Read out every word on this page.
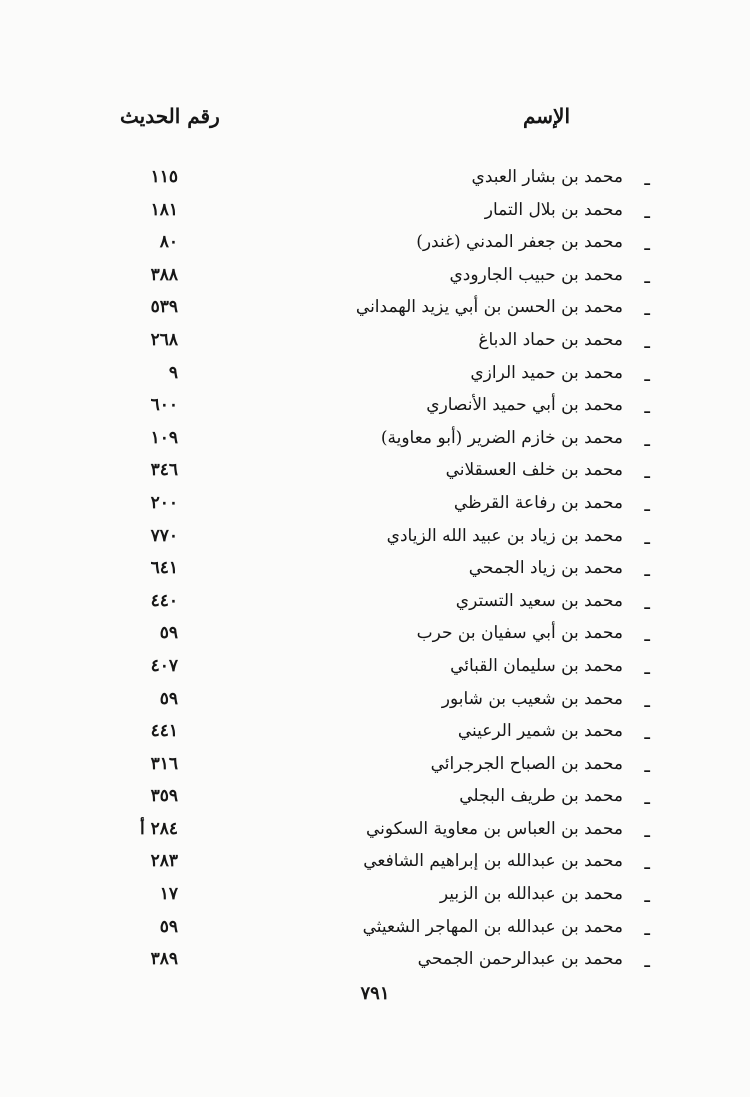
الإسم
رقم الحديث
١١٥	محمد بن بشار العبدي ـ
١٨١	محمد بن بلال التمار ـ
٨٠	محمد بن جعفر المدني (غندر) ـ
٣٨٨	محمد بن حبيب الجارودي ـ
٥٣٩	محمد بن الحسن بن أبي يزيد الهمداني ـ
٢٦٨	محمد بن حماد الدباغ ـ
٩	محمد بن حميد الرازي ـ
٦٠٠	محمد بن أبي حميد الأنصاري ـ
١٠٩	محمد بن خازم الضرير (أبو معاوية) ـ
٣٤٦	محمد بن خلف العسقلاني ـ
٢٠٠	محمد بن رفاعة القرظي ـ
٧٧٠	محمد بن زياد بن عبيد الله الزيادي ـ
٦٤١	محمد بن زياد الجمحي ـ
٤٤٠	محمد بن سعيد التستري ـ
٥٩	محمد بن أبي سفيان بن حرب ـ
٤٠٧	محمد بن سليمان القبائي ـ
٥٩	محمد بن شعيب بن شابور ـ
٤٤١	محمد بن شمير الرعيني ـ
٣١٦	محمد بن الصباح الجرجرائي ـ
٣٥٩	محمد بن طريف البجلي ـ
٢٨٤ أ	محمد بن العباس بن معاوية السكوني ـ
٢٨٣	محمد بن عبدالله بن إبراهيم الشافعي ـ
١٧	محمد بن عبدالله بن الزبير ـ
٥٩	محمد بن عبدالله بن المهاجر الشعيثي ـ
٣٨٩	محمد بن عبدالرحمن الجمحي ـ
٧٩١
